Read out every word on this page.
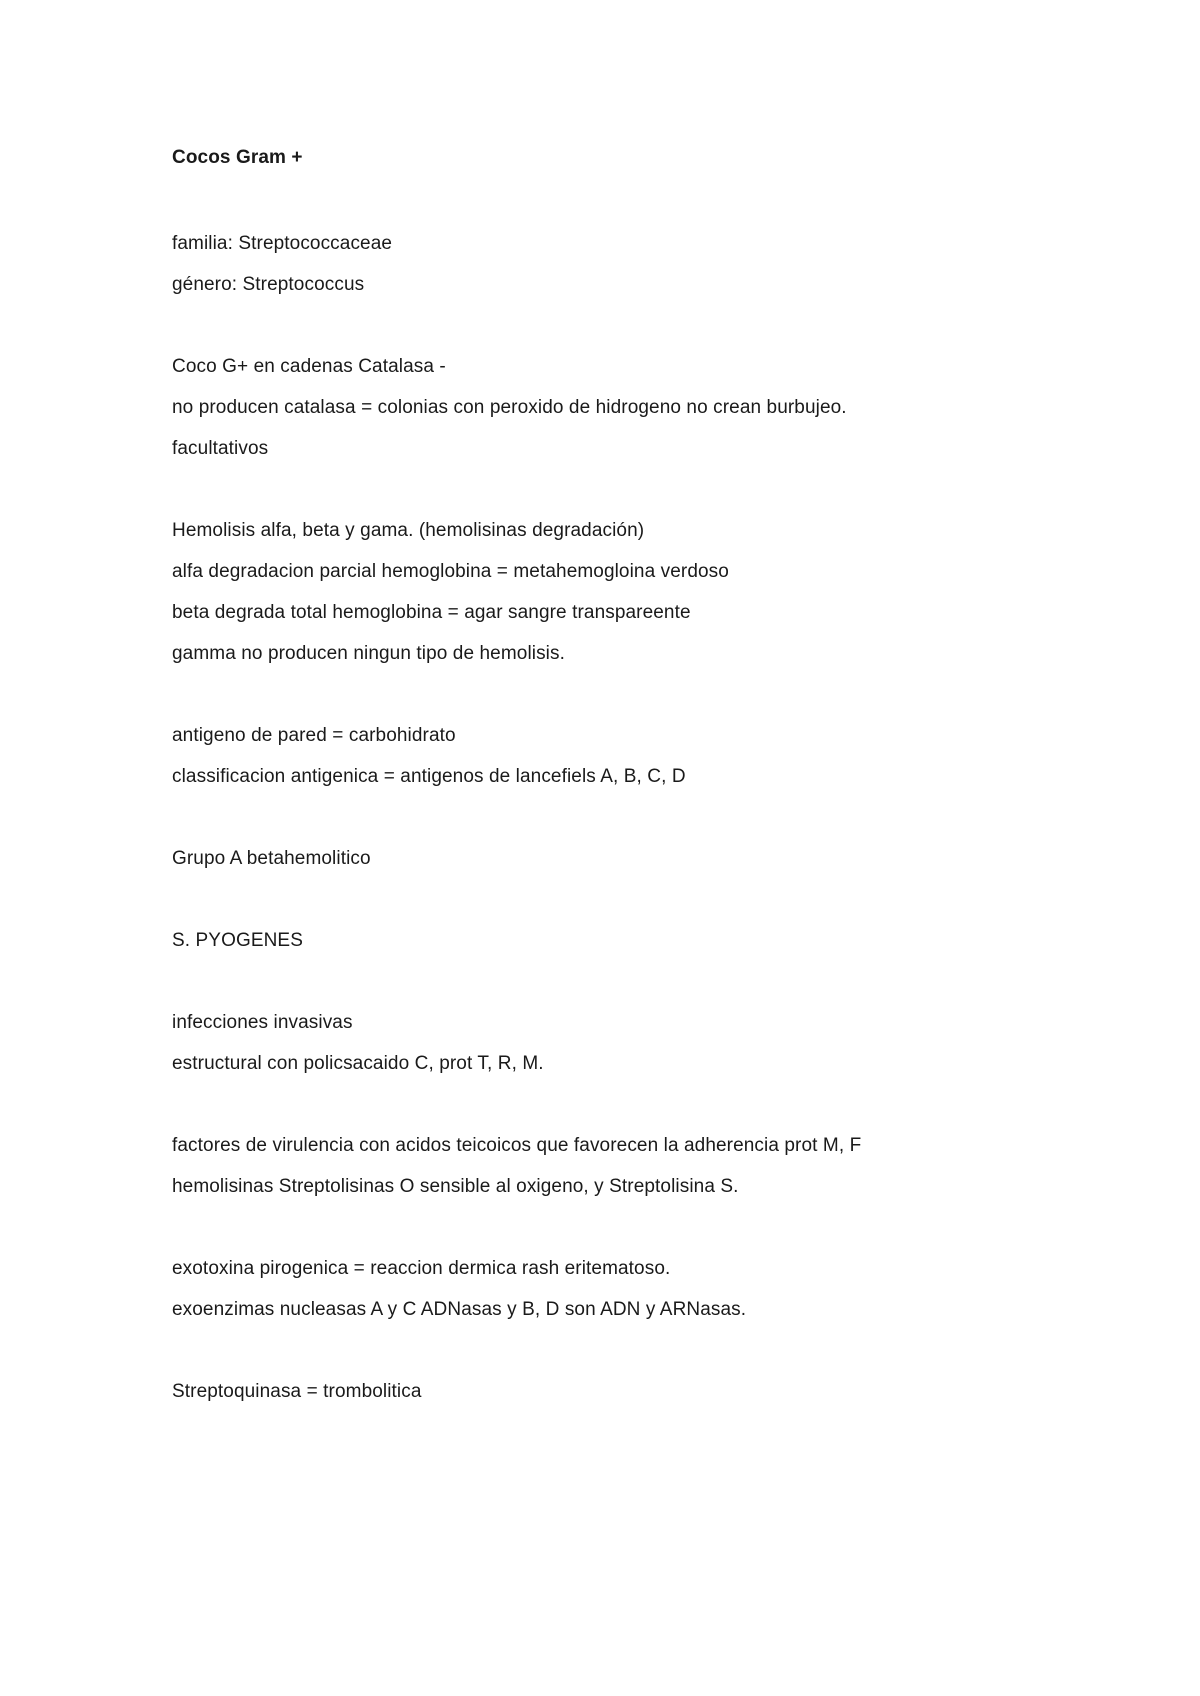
Cocos Gram +
familia: Streptococcaceae
género: Streptococcus
Coco G+ en cadenas Catalasa -
no producen catalasa = colonias con peroxido de hidrogeno no crean burbujeo.
facultativos
Hemolisis alfa, beta y gama. (hemolisinas degradación)
alfa degradacion parcial hemoglobina = metahemogloina verdoso
beta degrada total hemoglobina = agar sangre transpareente
gamma no producen ningun tipo de hemolisis.
antigeno de pared = carbohidrato
classificacion antigenica = antigenos de lancefiels A, B, C, D
Grupo A betahemolitico
S. PYOGENES
infecciones invasivas
estructural con policsacaido C, prot T, R, M.
factores de virulencia con acidos teicoicos que favorecen la adherencia prot M, F
hemolisinas Streptolisinas O sensible al oxigeno, y Streptolisina S.
exotoxina pirogenica = reaccion dermica rash eritematoso.
exoenzimas nucleasas A y C ADNasas y B, D son ADN y ARNasas.
Streptoquinasa = trombolitica
